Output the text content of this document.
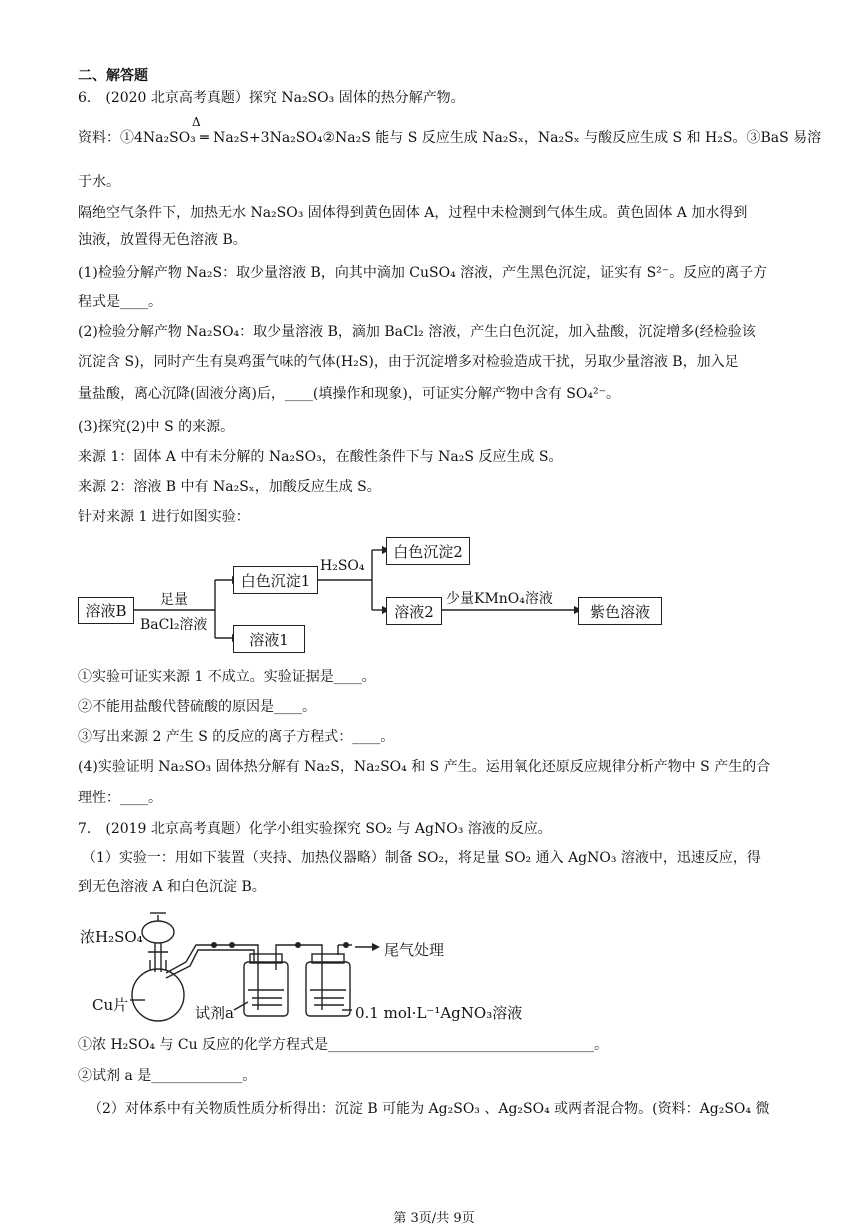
二、解答题
6.　(2020 北京高考真题）探究 Na₂SO₃ 固体的热分解产物。
Δ
资料：①4Na₂SO₃ ═ Na₂S+3Na₂SO₄②Na₂S 能与 S 反应生成 Na₂Sₓ，Na₂Sₓ 与酸反应生成 S 和 H₂S。③BaS 易溶
于水。
隔绝空气条件下，加热无水 Na₂SO₃ 固体得到黄色固体 A，过程中未检测到气体生成。黄色固体 A 加水得到
浊液，放置得无色溶液 B。
(1)检验分解产物 Na₂S：取少量溶液 B，向其中滴加 CuSO₄ 溶液，产生黑色沉淀，证实有 S²⁻。反应的离子方
程式是____。
(2)检验分解产物 Na₂SO₄：取少量溶液 B，滴加 BaCl₂ 溶液，产生白色沉淀，加入盐酸，沉淀增多(经检验该
沉淀含 S)，同时产生有臭鸡蛋气味的气体(H₂S)，由于沉淀增多对检验造成干扰，另取少量溶液 B，加入足
量盐酸，离心沉降(固液分离)后，____(填操作和现象)，可证实分解产物中含有 SO₄²⁻。
(3)探究(2)中 S 的来源。
来源 1：固体 A 中有未分解的 Na₂SO₃，在酸性条件下与 Na₂S 反应生成 S。
来源 2：溶液 B 中有 Na₂Sₓ，加酸反应生成 S。
针对来源 1 进行如图实验：
溶液B
足量
BaCl₂溶液
白色沉淀1
溶液1
H₂SO₄
白色沉淀2
溶液2
少量KMnO₄溶液
紫色溶液
①实验可证实来源 1 不成立。实验证据是____。
②不能用盐酸代替硫酸的原因是____。
③写出来源 2 产生 S 的反应的离子方程式：____。
(4)实验证明 Na₂SO₃ 固体热分解有 Na₂S，Na₂SO₄ 和 S 产生。运用氧化还原反应规律分析产物中 S 产生的合
理性：____。
7.　(2019 北京高考真题）化学小组实验探究 SO₂ 与 AgNO₃ 溶液的反应。
（1）实验一：用如下装置（夹持、加热仪器略）制备 SO₂，将足量 SO₂ 通入 AgNO₃ 溶液中，迅速反应，得
到无色溶液 A 和白色沉淀 B。
浓H₂SO₄
尾气处理
Cu片	试剂a	0.1 mol·L⁻¹AgNO₃溶液
①浓 H₂SO₄ 与 Cu 反应的化学方程式是______________________________________。
②试剂 a 是_____________。
（2）对体系中有关物质性质分析得出：沉淀 B 可能为 Ag₂SO₃ 、Ag₂SO₄ 或两者混合物。(资料：Ag₂SO₄ 微
第 3页/共 9页
